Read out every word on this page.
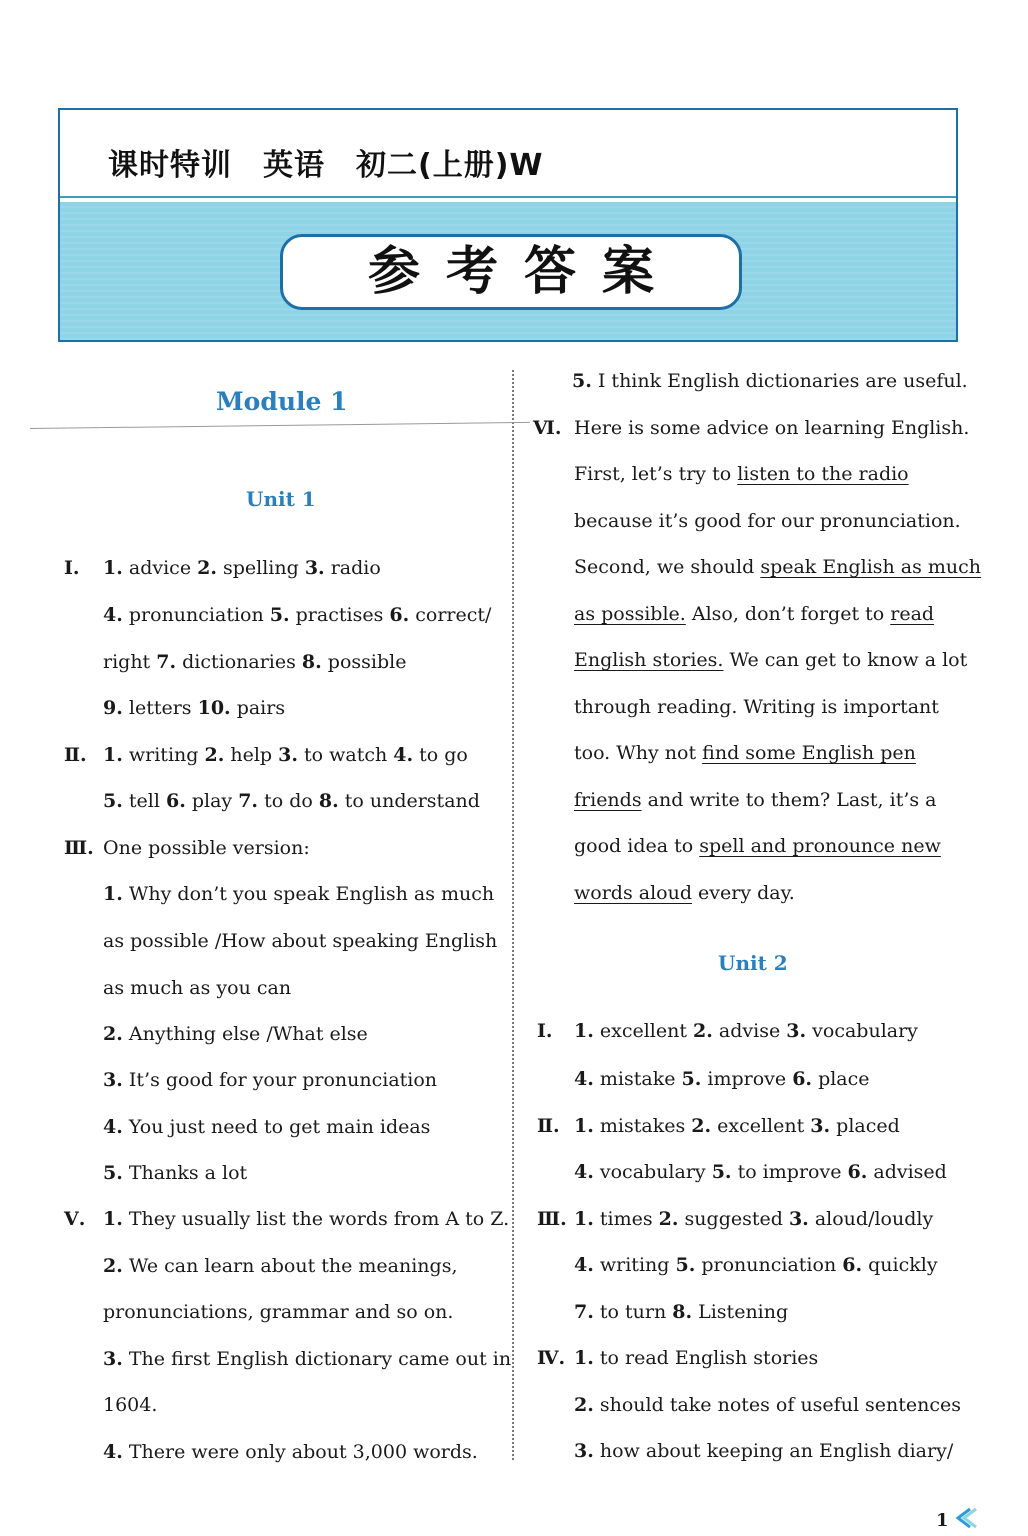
课时特训　英语　初二(上册)W
参考答案
Module 1
Unit 1
Ⅰ. 1. advice 2. spelling 3. radio
4. pronunciation 5. practises 6. correct/
right 7. dictionaries 8. possible
9. letters 10. pairs
Ⅱ. 1. writing 2. help 3. to watch 4. to go
5. tell 6. play 7. to do 8. to understand
Ⅲ. One possible version:
1. Why don’t you speak English as much
as possible /How about speaking English
as much as you can
2. Anything else /What else
3. It’s good for your pronunciation
4. You just need to get main ideas
5. Thanks a lot
Ⅴ. 1. They usually list the words from A to Z.
2. We can learn about the meanings,
pronunciations, grammar and so on.
3. The first English dictionary came out in
1604.
4. There were only about 3,000 words.
5. I think English dictionaries are useful.
Ⅵ. Here is some advice on learning English.
First, let’s try to listen to the radio
because it’s good for our pronunciation.
Second, we should speak English as much
as possible. Also, don’t forget to read
English stories. We can get to know a lot
through reading. Writing is important
too. Why not find some English pen
friends and write to them? Last, it’s a
good idea to spell and pronounce new
words aloud every day.
Unit 2
Ⅰ. 1. excellent 2. advise 3. vocabulary
4. mistake 5. improve 6. place
Ⅱ. 1. mistakes 2. excellent 3. placed
4. vocabulary 5. to improve 6. advised
Ⅲ. 1. times 2. suggested 3. aloud/loudly
4. writing 5. pronunciation 6. quickly
7. to turn 8. Listening
Ⅳ. 1. to read English stories
2. should take notes of useful sentences
3. how about keeping an English diary/
1
